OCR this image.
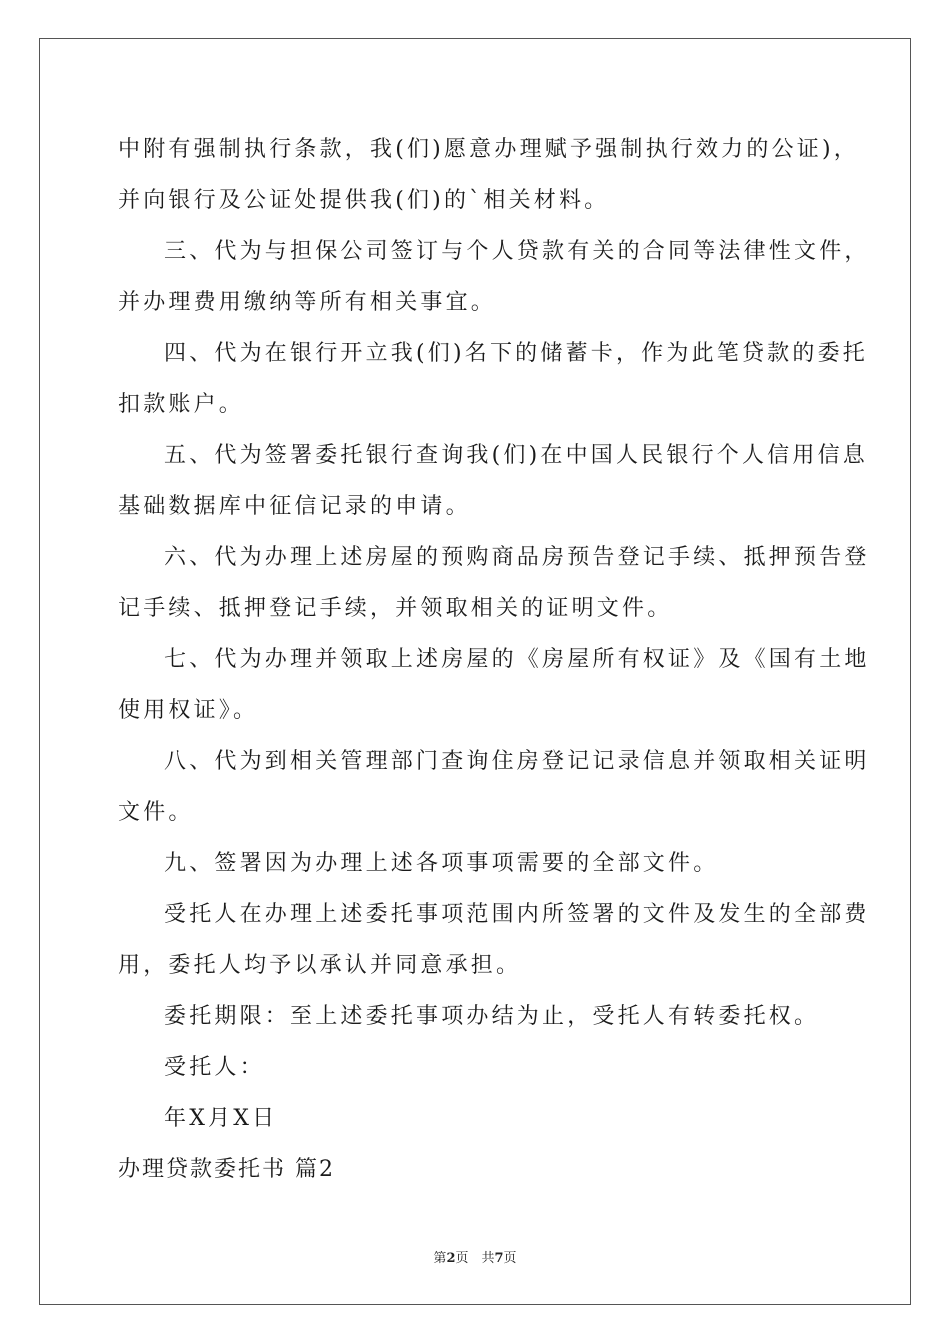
中附有强制执行条款，我(们)愿意办理赋予强制执行效力的公证)，
并向银行及公证处提供我(们)的`相关材料。
三、代为与担保公司签订与个人贷款有关的合同等法律性文件，
并办理费用缴纳等所有相关事宜。
四、代为在银行开立我(们)名下的储蓄卡，作为此笔贷款的委托
扣款账户。
五、代为签署委托银行查询我(们)在中国人民银行个人信用信息
基础数据库中征信记录的申请。
六、代为办理上述房屋的预购商品房预告登记手续、抵押预告登
记手续、抵押登记手续，并领取相关的证明文件。
七、代为办理并领取上述房屋的《房屋所有权证》及《国有土地
使用权证》。
八、代为到相关管理部门查询住房登记记录信息并领取相关证明
文件。
九、签署因为办理上述各项事项需要的全部文件。
受托人在办理上述委托事项范围内所签署的文件及发生的全部费
用，委托人均予以承认并同意承担。
委托期限：至上述委托事项办结为止，受托人有转委托权。
受托人：
年X月X日
办理贷款委托书 篇2
第2页　共7页
